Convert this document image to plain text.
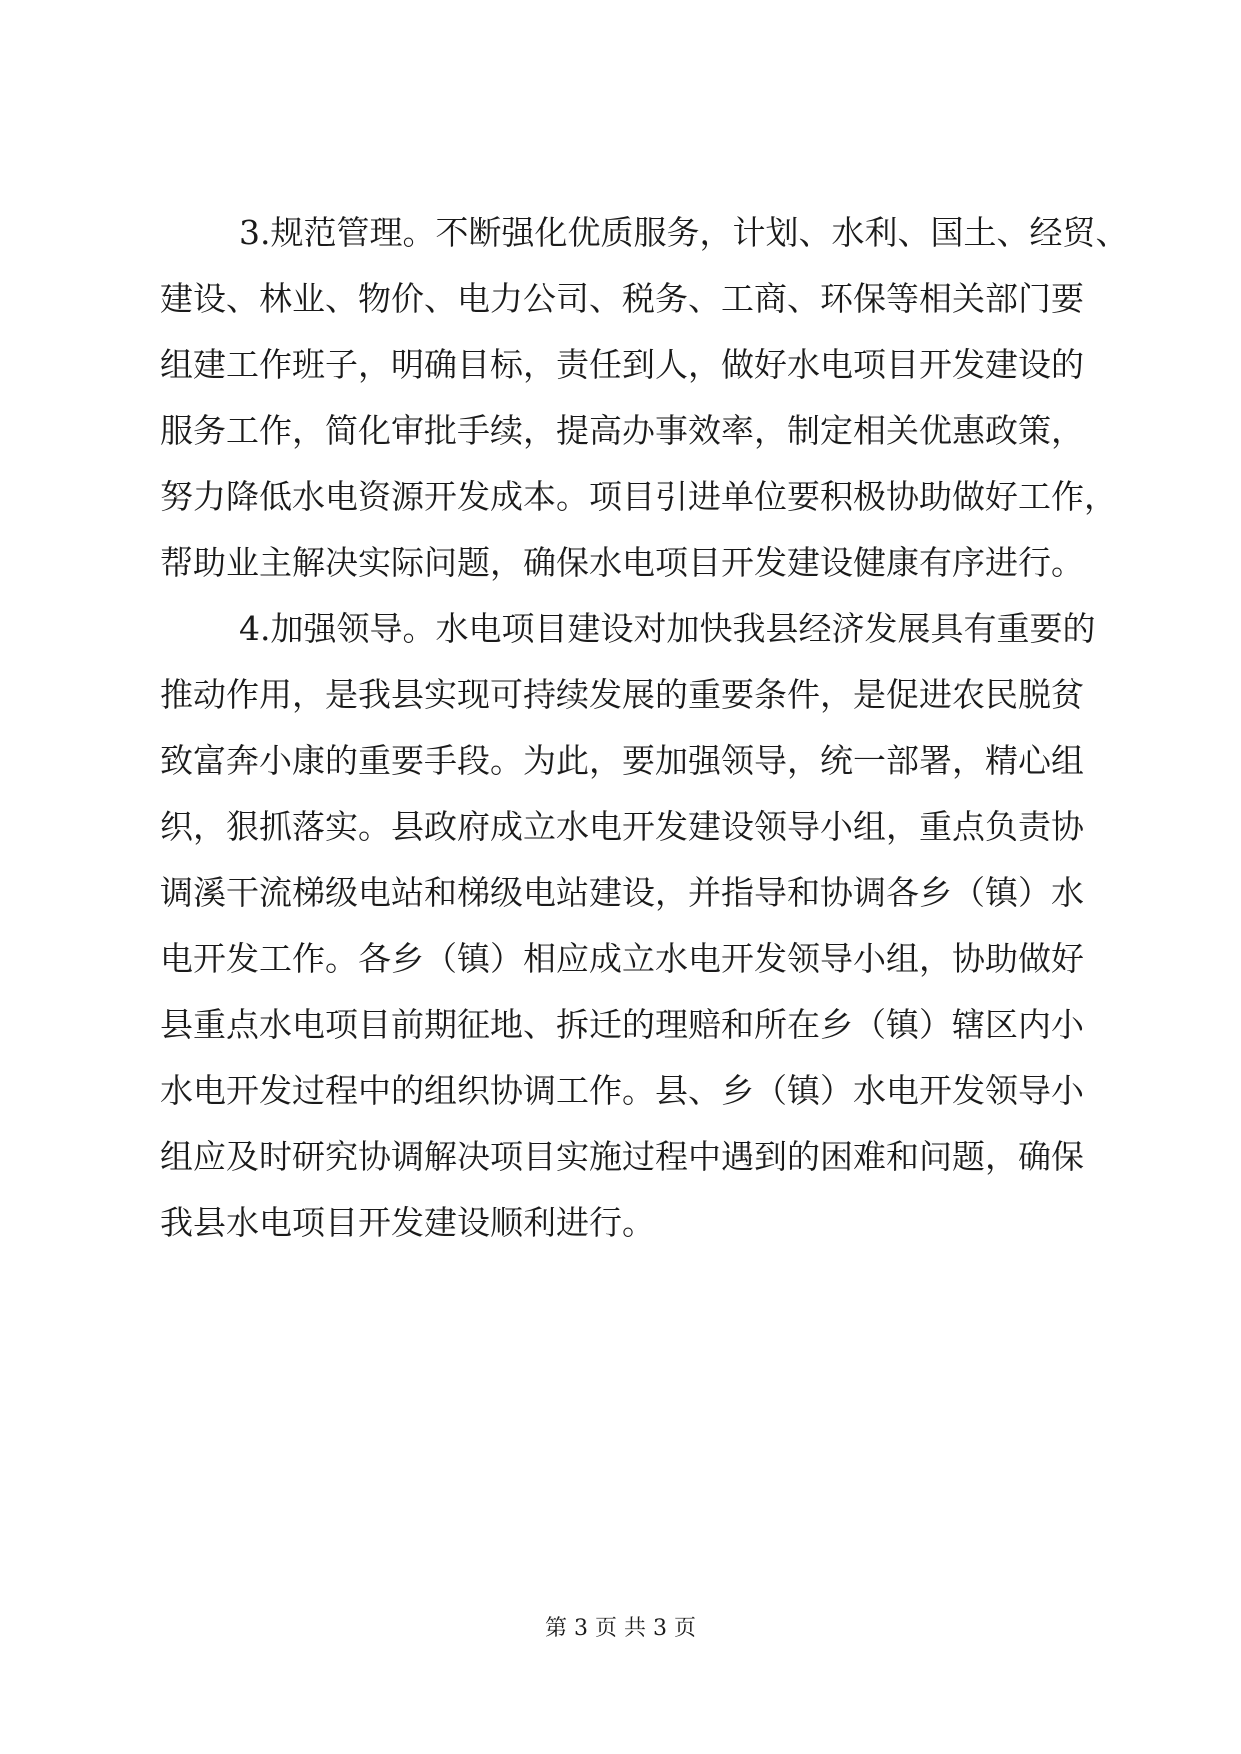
3.规范管理。不断强化优质服务，计划、水利、国土、经贸、
建设、林业、物价、电力公司、税务、工商、环保等相关部门要
组建工作班子，明确目标，责任到人，做好水电项目开发建设的
服务工作，简化审批手续，提高办事效率，制定相关优惠政策，
努力降低水电资源开发成本。项目引进单位要积极协助做好工作，
帮助业主解决实际问题，确保水电项目开发建设健康有序进行。
4.加强领导。水电项目建设对加快我县经济发展具有重要的
推动作用，是我县实现可持续发展的重要条件，是促进农民脱贫
致富奔小康的重要手段。为此，要加强领导，统一部署，精心组
织，狠抓落实。县政府成立水电开发建设领导小组，重点负责协
调溪干流梯级电站和梯级电站建设，并指导和协调各乡（镇）水
电开发工作。各乡（镇）相应成立水电开发领导小组，协助做好
县重点水电项目前期征地、拆迁的理赔和所在乡（镇）辖区内小
水电开发过程中的组织协调工作。县、乡（镇）水电开发领导小
组应及时研究协调解决项目实施过程中遇到的困难和问题，确保
我县水电项目开发建设顺利进行。
第 3 页 共 3 页
